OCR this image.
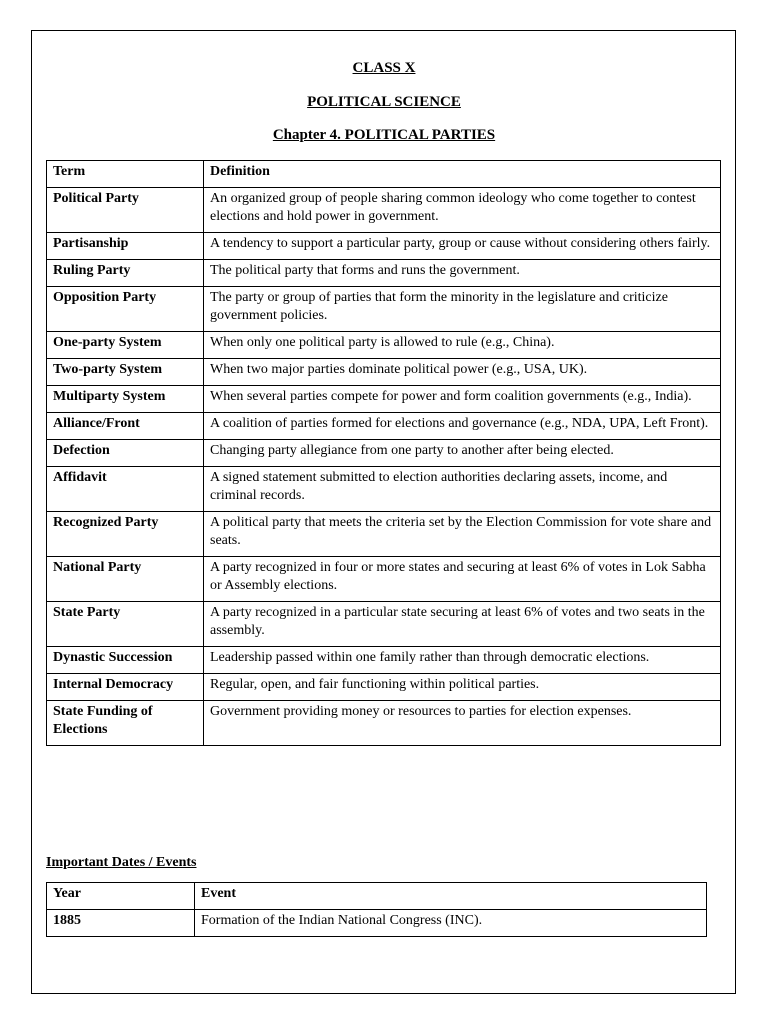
CLASS X
POLITICAL SCIENCE
Chapter 4. POLITICAL PARTIES
Term	Definition
Political Party	An organized group of people sharing common ideology who come together to contest elections and hold power in government.
Partisanship	A tendency to support a particular party, group or cause without considering others fairly.
Ruling Party	The political party that forms and runs the government.
Opposition Party	The party or group of parties that form the minority in the legislature and criticize government policies.
One-party System	When only one political party is allowed to rule (e.g., China).
Two-party System	When two major parties dominate political power (e.g., USA, UK).
Multiparty System	When several parties compete for power and form coalition governments (e.g., India).
Alliance/Front	A coalition of parties formed for elections and governance (e.g., NDA, UPA, Left Front).
Defection	Changing party allegiance from one party to another after being elected.
Affidavit	A signed statement submitted to election authorities declaring assets, income, and criminal records.
Recognized Party	A political party that meets the criteria set by the Election Commission for vote share and seats.
National Party	A party recognized in four or more states and securing at least 6% of votes in Lok Sabha or Assembly elections.
State Party	A party recognized in a particular state securing at least 6% of votes and two seats in the assembly.
Dynastic Succession	Leadership passed within one family rather than through democratic elections.
Internal Democracy	Regular, open, and fair functioning within political parties.
State Funding of Elections	Government providing money or resources to parties for election expenses.
Important Dates / Events
Year	Event
1885	Formation of the Indian National Congress (INC).
